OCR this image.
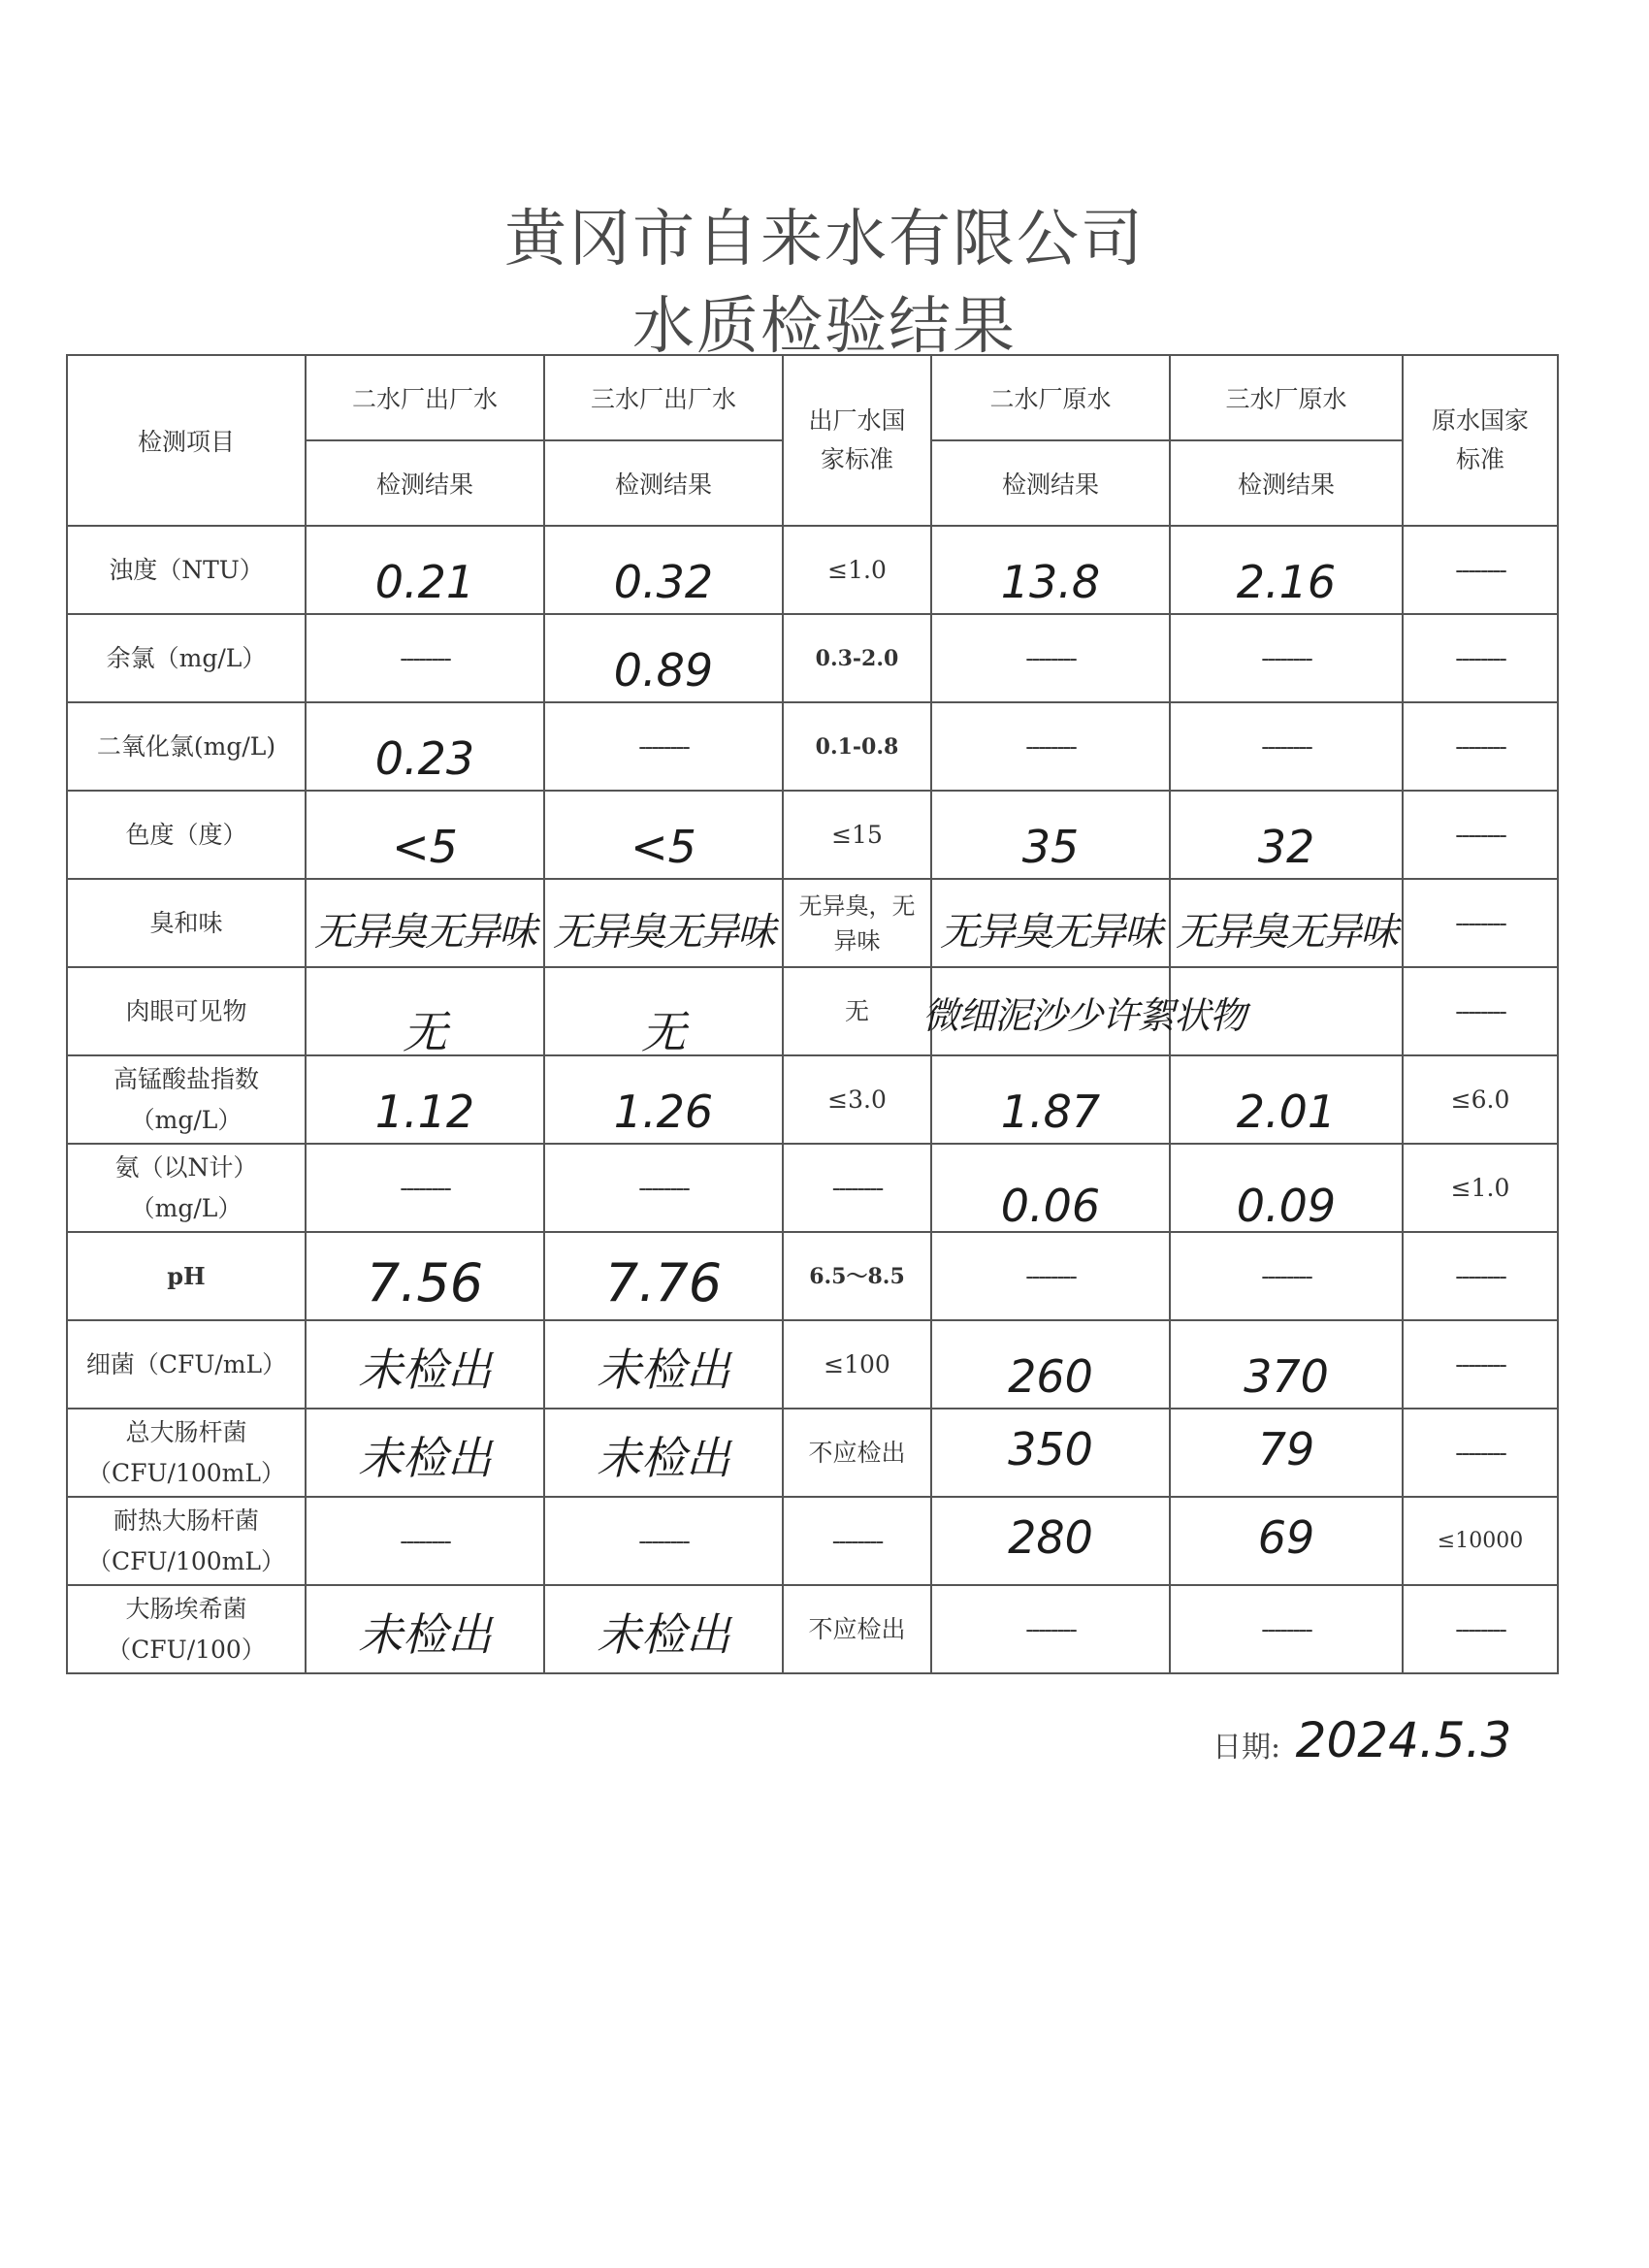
黄冈市自来水有限公司
水质检验结果
检测项目	二水厂出厂水	三水厂出厂水	出厂水国家标准	二水厂原水	三水厂原水	原水国家标准

	检测结果	检测结果		检测结果	检测结果	
浊度（NTU）	0.21	0.32	≤1.0	13.8	2.16	--------
余氯（mg/L）	--------	0.89	0.3-2.0	--------	--------	--------
二氧化氯(mg/L)	0.23	--------	0.1-0.8	--------	--------	--------
色度（度）	<5	<5	≤15	35	32	--------
臭和味	无异臭无异味	无异臭无异味	无异臭，无异味	无异臭无异味	无异臭无异味	--------
肉眼可见物	无	无	无	微细泥沙少许絮状物		--------

高锰酸盐指数（mg/L）	1.12	1.26	≤3.0	1.87	2.01	≤6.0

氨（以N计）（mg/L）	--------	--------	--------	0.06	0.09	≤1.0
pH	7.56	7.76	6.5～8.5	--------	--------	--------
细菌（CFU/mL）	未检出	未检出	≤100	260	370	--------

总大肠杆菌（CFU/100mL）	未检出	未检出	不应检出	350	79	--------

耐热大肠杆菌（CFU/100mL）	--------	--------	--------	280	69	≤10000

大肠埃希菌（CFU/100）	未检出	未检出	不应检出	--------	--------	--------
日期: 2024.5.3
